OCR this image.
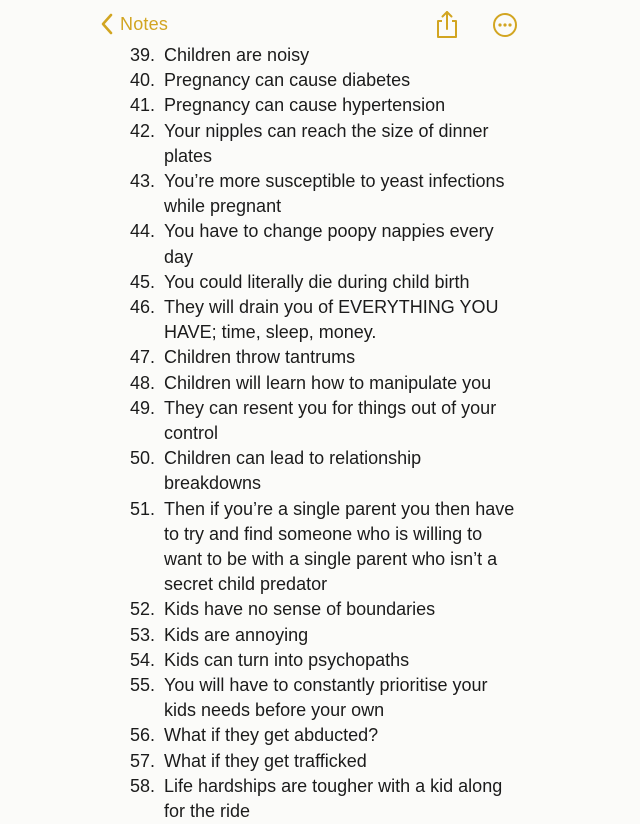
Notes
39. Children are noisy
40. Pregnancy can cause diabetes
41. Pregnancy can cause hypertension
42. Your nipples can reach the size of dinner plates
43. You’re more susceptible to yeast infections while pregnant
44. You have to change poopy nappies every day
45. You could literally die during child birth
46. They will drain you of EVERYTHING YOU HAVE; time, sleep, money.
47. Children throw tantrums
48. Children will learn how to manipulate you
49. They can resent you for things out of your control
50. Children can lead to relationship breakdowns
51. Then if you’re a single parent you then have to try and find someone who is willing to want to be with a single parent who isn’t a secret child predator
52. Kids have no sense of boundaries
53. Kids are annoying
54. Kids can turn into psychopaths
55. You will have to constantly prioritise your kids needs before your own
56. What if they get abducted?
57. What if they get trafficked
58. Life hardships are tougher with a kid along for the ride
